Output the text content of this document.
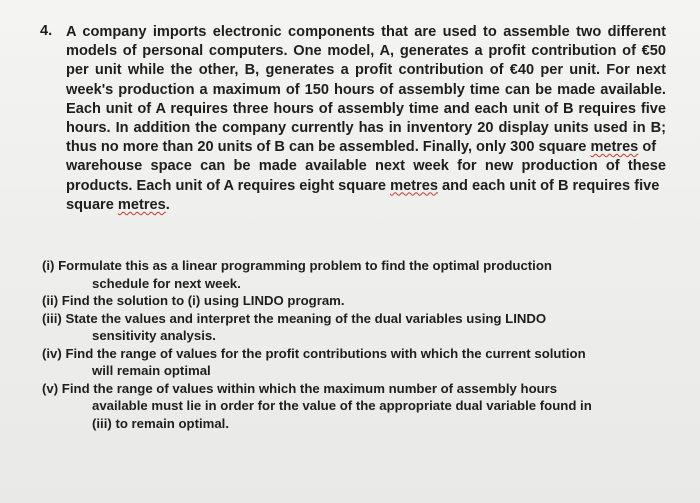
4. A company imports electronic components that are used to assemble two different
models of personal computers. One model, A, generates a profit contribution of €50
per unit while the other, B, generates a profit contribution of €40 per unit. For next
week's production a maximum of 150 hours of assembly time can be made available.
Each unit of A requires three hours of assembly time and each unit of B requires five
hours. In addition the company currently has in inventory 20 display units used in B;
thus no more than 20 units of B can be assembled. Finally, only 300 square metres of
warehouse space can be made available next week for new production of these
products. Each unit of A requires eight square metres and each unit of B requires five
square metres.
(i) Formulate this as a linear programming problem to find the optimal production
schedule for next week.
(ii) Find the solution to (i) using LINDO program.
(iii) State the values and interpret the meaning of the dual variables using LINDO
sensitivity analysis.
(iv) Find the range of values for the profit contributions with which the current solution
will remain optimal
(v) Find the range of values within which the maximum number of assembly hours
available must lie in order for the value of the appropriate dual variable found in
(iii) to remain optimal.
